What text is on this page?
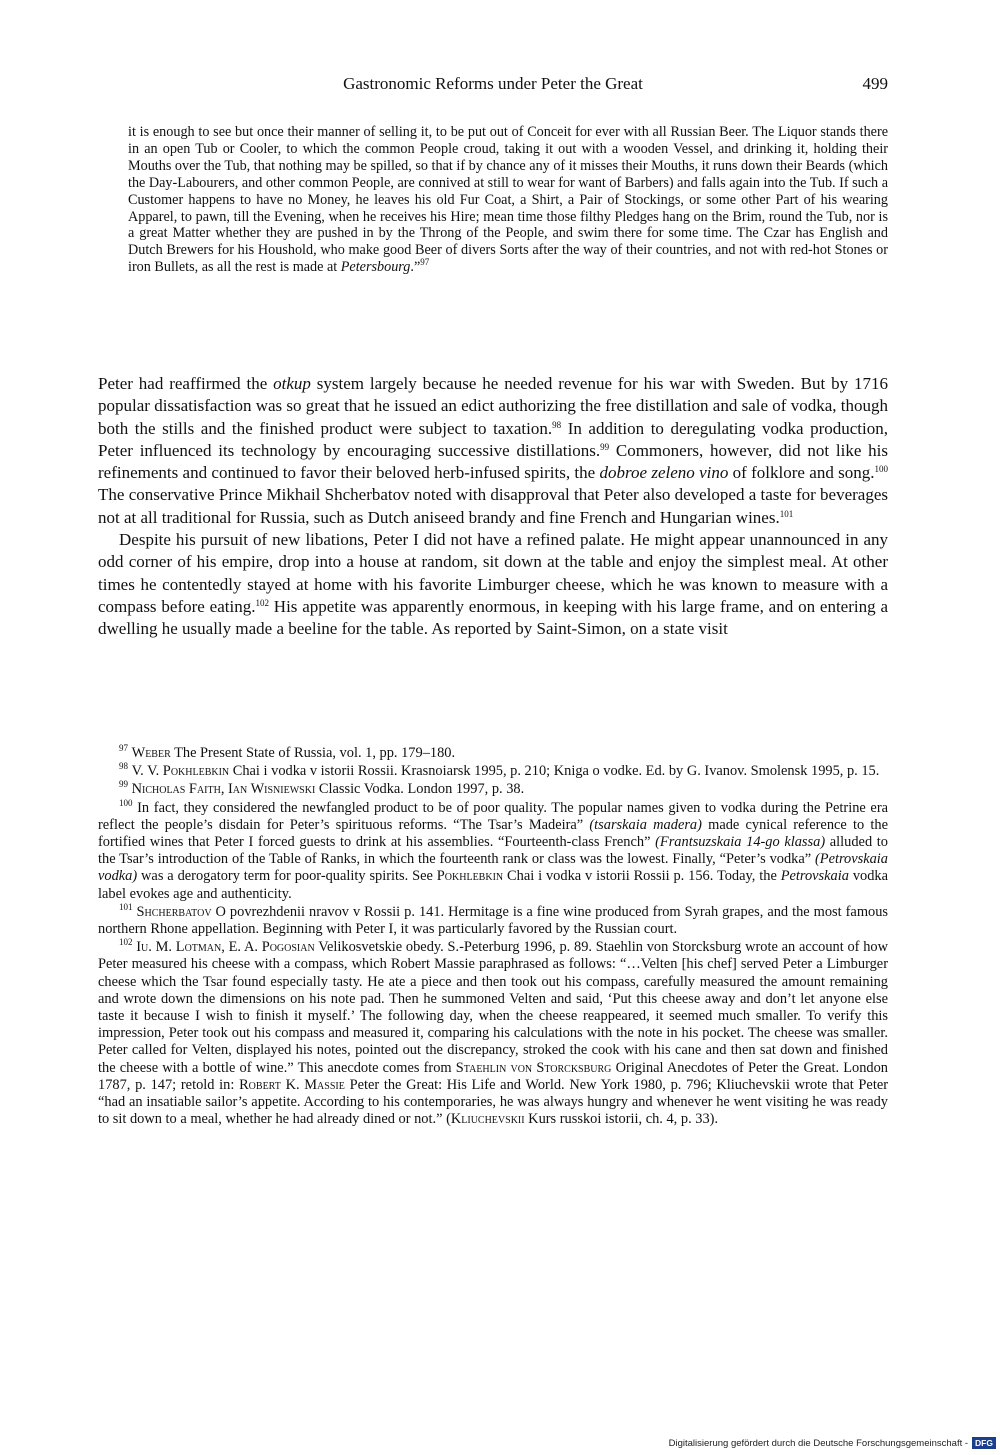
Gastronomic Reforms under Peter the Great	499

it is enough to see but once their manner of selling it, to be put out of Conceit for ever with all Russian Beer. The Liquor stands there in an open Tub or Cooler, to which the common People croud, taking it out with a wooden Vessel, and drinking it, holding their Mouths over the Tub, that nothing may be spilled, so that if by chance any of it misses their Mouths, it runs down their Beards (which the Day-Labourers, and other common People, are connived at still to wear for want of Barbers) and falls again into the Tub. If such a Customer happens to have no Money, he leaves his old Fur Coat, a Shirt, a Pair of Stockings, or some other Part of his wearing Apparel, to pawn, till the Evening, when he receives his Hire; mean time those filthy Pledges hang on the Brim, round the Tub, nor is a great Matter whether they are pushed in by the Throng of the People, and swim there for some time. The Czar has English and Dutch Brewers for his Houshold, who make good Beer of divers Sorts after the way of their countries, and not with red-hot Stones or iron Bullets, as all the rest is made at Petersbourg.”$^{97}$

Peter had reaffirmed the otkup system largely because he needed revenue for his war with Sweden. But by 1716 popular dissatisfaction was so great that he issued an edict authorizing the free distillation and sale of vodka, though both the stills and the finished product were subject to taxation.$^{98}$ In addition to deregulating vodka production, Peter influenced its technology by encouraging successive distillations.$^{99}$ Commoners, however, did not like his refinements and continued to favor their beloved herb-infused spirits, the dobroe zeleno vino of folklore and song.$^{100}$ The conservative Prince Mikhail Shcherbatov noted with disapproval that Peter also developed a taste for beverages not at all traditional for Russia, such as Dutch aniseed brandy and fine French and Hungarian wines.$^{101}$

Despite his pursuit of new libations, Peter I did not have a refined palate. He might appear unannounced in any odd corner of his empire, drop into a house at random, sit down at the table and enjoy the simplest meal. At other times he contentedly stayed at home with his favorite Limburger cheese, which he was known to measure with a compass before eating.$^{102}$ His appetite was apparently enormous, in keeping with his large frame, and on entering a dwelling he usually made a beeline for the table. As reported by Saint-Simon, on a state visit

$^{97}$ Weber The Present State of Russia, vol. 1, pp. 179–180.

$^{98}$ V. V. Pokhlebkin Chai i vodka v istorii Rossii. Krasnoiarsk 1995, p. 210; Kniga o vodke. Ed. by G. Ivanov. Smolensk 1995, p. 15.

$^{99}$ Nicholas Faith, Ian Wisniewski Classic Vodka. London 1997, p. 38.

$^{100}$ In fact, they considered the newfangled product to be of poor quality. The popular names given to vodka during the Petrine era reflect the people’s disdain for Peter’s spirituous reforms. “The Tsar’s Madeira” (tsarskaia madera) made cynical reference to the fortified wines that Peter I forced guests to drink at his assemblies. “Fourteenth-class French” (Frantsuzskaia 14-go klassa) alluded to the Tsar’s introduction of the Table of Ranks, in which the fourteenth rank or class was the lowest. Finally, “Peter’s vodka” (Petrovskaia vodka) was a derogatory term for poor-quality spirits. See Pokhlebkin Chai i vodka v istorii Rossii p. 156. Today, the Petrovskaia vodka label evokes age and authenticity.

$^{101}$ Shcherbatov O povrezhdenii nravov v Rossii p. 141. Hermitage is a fine wine produced from Syrah grapes, and the most famous northern Rhone appellation. Beginning with Peter I, it was particularly favored by the Russian court.

$^{102}$ Iu. M. Lotman, E. A. Pogosian Velikosvetskie obedy. S.-Peterburg 1996, p. 89. Staehlin von Storcksburg wrote an account of how Peter measured his cheese with a compass, which Robert Massie paraphrased as follows: “…Velten [his chef] served Peter a Limburger cheese which the Tsar found especially tasty. He ate a piece and then took out his compass, carefully measured the amount remaining and wrote down the dimensions on his note pad. Then he summoned Velten and said, ‘Put this cheese away and don’t let anyone else taste it because I wish to finish it myself.’ The following day, when the cheese reappeared, it seemed much smaller. To verify this impression, Peter took out his compass and measured it, comparing his calculations with the note in his pocket. The cheese was smaller. Peter called for Velten, displayed his notes, pointed out the discrepancy, stroked the cook with his cane and then sat down and finished the cheese with a bottle of wine.” This anecdote comes from Staehlin von Storcksburg Original Anecdotes of Peter the Great. London 1787, p. 147; retold in: Robert K. Massie Peter the Great: His Life and World. New York 1980, p. 796; Kliuchevskii wrote that Peter “had an insatiable sailor’s appetite. According to his contemporaries, he was always hungry and whenever he went visiting he was ready to sit down to a meal, whether he had already dined or not.” (Kliuchevskii Kurs russkoi istorii, ch. 4, p. 33).

Digitalisierung gefördert durch die Deutsche Forschungsgemeinschaft - DFG
